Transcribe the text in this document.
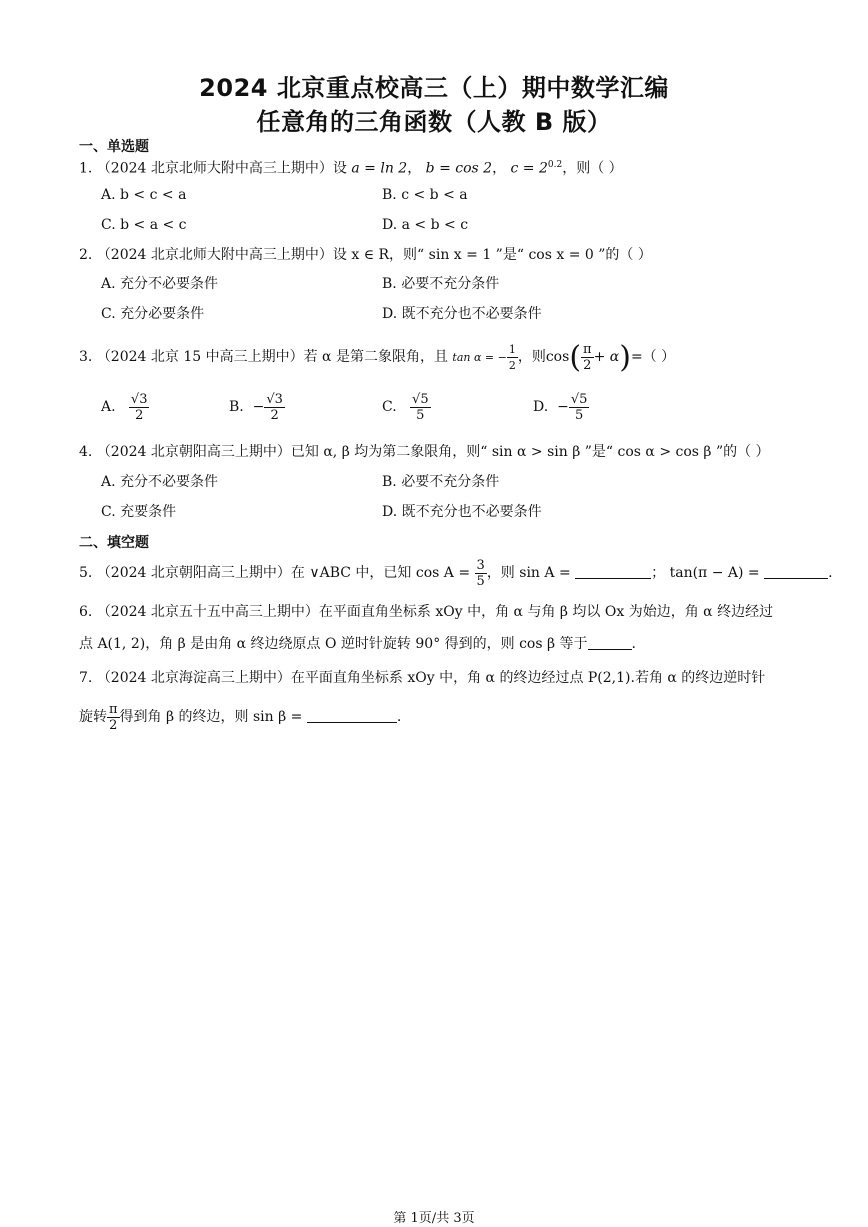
2024 北京重点校高三（上）期中数学汇编
任意角的三角函数（人教 B 版）
一、单选题
1. （2024 北京北师大附中高三上期中）设 a = ln 2， b = cos 2， $c = 2^{0.2}$，则（ ）
A. b < c < a	B. c < b < a
C. b < a < c	D. a < b < c
2. （2024 北京北师大附中高三上期中）设 x ∈ R，则“ sin x = 1 ”是“ cos x = 0 ”的（ ）
A. 充分不必要条件	B. 必要不充分条件
C. 充分必要条件	D. 既不充分也不必要条件
3. （2024 北京 15 中高三上期中）若 α 是第二象限角，且 tan α = − $\frac{1}{2}$ ，则$\cos( \frac{\pi}{2} + \alpha)=$（ ）
A. $\frac{√3}{2}$	B. − $\frac{√3}{2}$	C. $\frac{√5}{5}$	D. − $\frac{√5}{5}$
4. （2024 北京朝阳高三上期中）已知 α, β 均为第二象限角，则“ sin α > sin β ”是“ cos α > cos β ”的（ ）
A. 充分不必要条件	B. 必要不充分条件
C. 充要条件	D. 既不充分也不必要条件
二、填空题
5. （2024 北京朝阳高三上期中）在 ∨ABC 中，已知 $\cos A = \frac{3}{5}$ ，则 sin A =	； tan(π − A) =	.
6. （2024 北京五十五中高三上期中）在平面直角坐标系 xOy 中，角 α 与角 β 均以 Ox 为始边，角 α 终边经过
点 A(1, 2)，角 β 是由角 α 终边绕原点 O 逆时针旋转 90° 得到的，则 cos β 等于	.
7. （2024 北京海淀高三上期中）在平面直角坐标系 xOy 中，角 α 的终边经过点 P(2,1).若角 α 的终边逆时针
旋转 $\frac{\pi}{2}$ 得到角 β 的终边，则 sin β =	.
第 1页/共 3页
